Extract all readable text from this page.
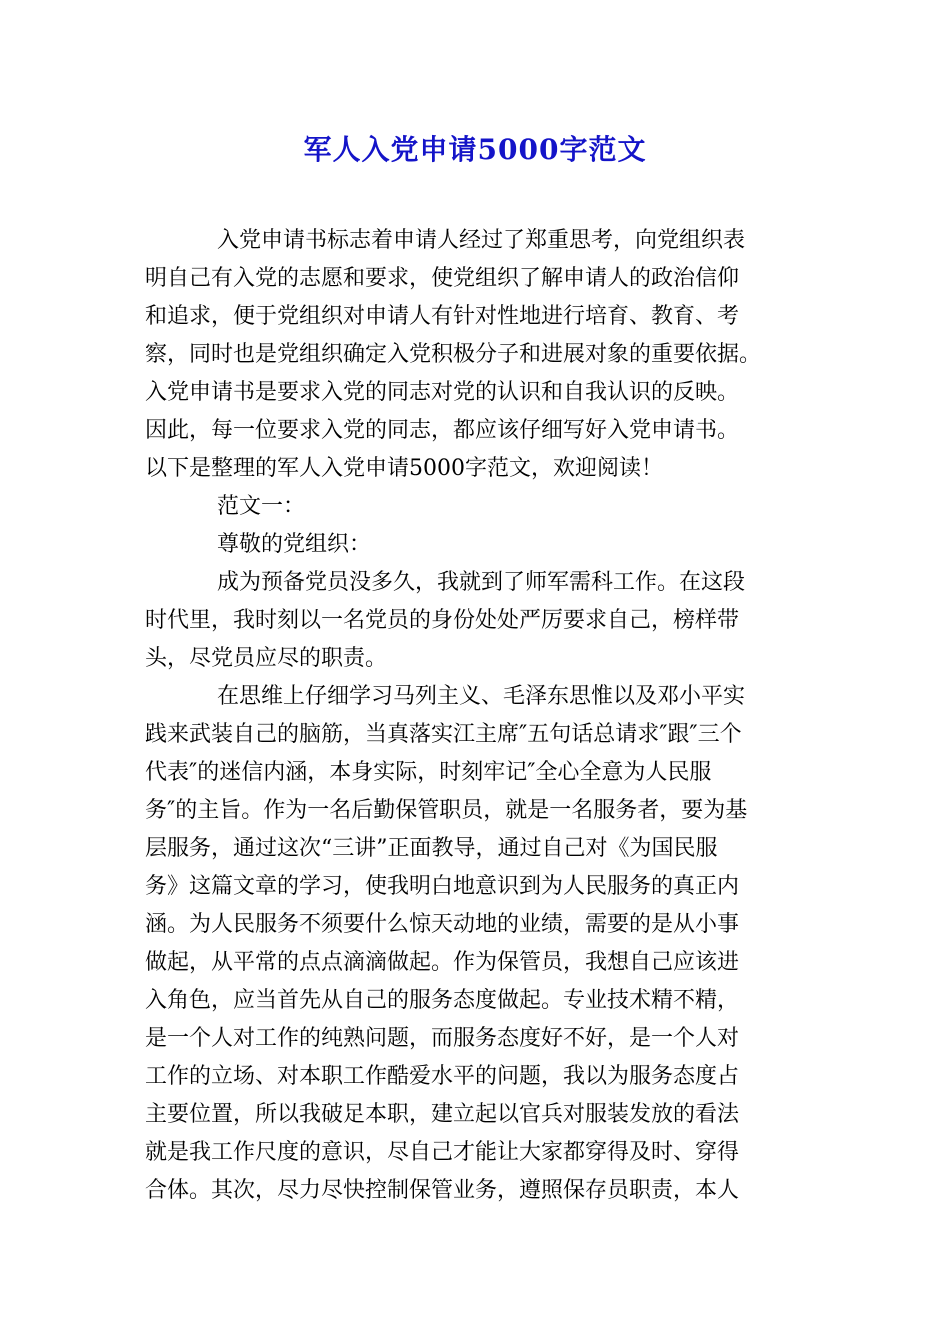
军人入党申请5000字范文
入党申请书标志着申请人经过了郑重思考，向党组织表
明自己有入党的志愿和要求，使党组织了解申请人的政治信仰
和追求，便于党组织对申请人有针对性地进行培育、教育、考
察，同时也是党组织确定入党积极分子和进展对象的重要依据。
入党申请书是要求入党的同志对党的认识和自我认识的反映。
因此，每一位要求入党的同志，都应该仔细写好入党申请书。
以下是整理的军人入党申请5000字范文，欢迎阅读！
范文一：
尊敬的党组织：
成为预备党员没多久，我就到了师军需科工作。在这段
时代里，我时刻以一名党员的身份处处严厉要求自己，榜样带
头，尽党员应尽的职责。
在思维上仔细学习马列主义、毛泽东思惟以及邓小平实
践来武装自己的脑筋，当真落实江主席″五句话总请求″跟″三个
代表″的迷信内涵，本身实际，时刻牢记″全心全意为人民服
务″的主旨。作为一名后勤保管职员，就是一名服务者，要为基
层服务，通过这次“三讲”正面教导，通过自己对《为国民服
务》这篇文章的学习，使我明白地意识到为人民服务的真正内
涵。为人民服务不须要什么惊天动地的业绩，需要的是从小事
做起，从平常的点点滴滴做起。作为保管员，我想自己应该进
入角色，应当首先从自己的服务态度做起。专业技术精不精，
是一个人对工作的纯熟问题，而服务态度好不好，是一个人对
工作的立场、对本职工作酷爱水平的问题，我以为服务态度占
主要位置，所以我破足本职，建立起以官兵对服装发放的看法
就是我工作尺度的意识，尽自己才能让大家都穿得及时、穿得
合体。其次，尽力尽快控制保管业务，遵照保存员职责，本人
